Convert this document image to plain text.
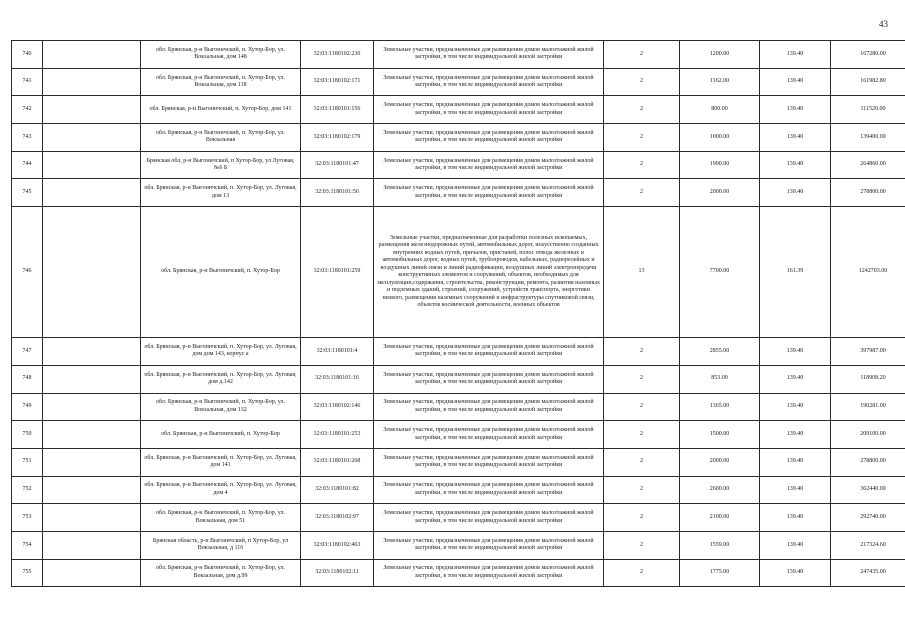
43
740		обл. Брянская, р-н Выгоничский, п. Хутор-Бор, ул. Вокзальная, дом 148	32:03:1180102:230	Земельные участки, предназначенные для размещения домов малоэтажной жилой застройки, в том числе индивидуальной жилой застройки	2	1200.00	139.40	167280.00
741		обл. Брянская, р-н Выгоничский, п. Хутор-Бор, ул. Вокзальная, дом 118	32:03:1180102:171	Земельные участки, предназначенные для размещения домов малоэтажной жилой застройки, в том числе индивидуальной жилой застройки	2	1162.00	139.40	161982.80
742		обл. Брянская, р-н Выгоничский, п. Хутор-Бор, дом 141	32:03:1180101:156	Земельные участки, предназначенные для размещения домов малоэтажной жилой застройки, в том числе индивидуальной жилой застройки	2	800.00	139.40	111520.00
743		обл. Брянская, р-н Выгоничский, п. Хутор-Бор, ул. Вокзальная	32:03:1180102:179	Земельные участки, предназначенные для размещения домов малоэтажной жилой застройки, в том числе индивидуальной жилой застройки	2	1000.00	139.40	139400.00
744		Брянская обл, р-н Выгоничский, п Хутор-Бор, ул Луговая, №6 Б	32:03:1180101:47	Земельные участки, предназначенные для размещения домов малоэтажной жилой застройки, в том числе индивидуальной жилой застройки	2	1900.00	139.40	264860.00
745		обл. Брянская, р-н Выгоничский, п. Хутор-Бор, ул. Луговая, дом 13	32:03:1180101:56	Земельные участки, предназначенные для размещения домов малоэтажной жилой застройки, в том числе индивидуальной жилой застройки	2	2000.00	139.40	278800.00
746		обл. Брянская, р-н Выгоничский, п. Хутор-Бор	32:03:1180101:259	Земельные участки, предназначенные для разработки полезных ископаемых, размещения железнодорожных путей, автомобильных дорог, искусственно созданных внутренних водных путей, причалов, пристаней, полос отвода железных и автомобильных дорог, водных путей, трубопроводов, кабельных, радиорелейных и воздушных линий связи и линий радиофикации, воздушных линий электропередачи конструктивных элементов и сооружений, объектов, необходимых для эксплуатации,содержания, строительства, реконструкции, ремонта, развития наземных и подземных зданий, строений, сооружений, устройств транспорта, энергетики низкого, размещения наземных сооружений и инфраструктуры спутниковой связи, объектов космической деятельности, военных объектов	13	7700.00	161.39	1242703.00
747		обл. Брянская, р-н Выгоничский, п. Хутор-Бор, ул. Луговая, дом дом 143, корпус а	32:03:1180101:4	Земельные участки, предназначенные для размещения домов малоэтажной жилой застройки, в том числе индивидуальной жилой застройки	2	2855.00	139.40	397987.00
748		обл. Брянская, р-н Выгоничский, п. Хутор-Бор, ул. Луговая, дом д.142	32:03:1180101:16	Земельные участки, предназначенные для размещения домов малоэтажной жилой застройки, в том числе индивидуальной жилой застройки	2	853.00	139.40	118908.20
749		обл. Брянская, р-н Выгоничский, п. Хутор-Бор, ул. Вокзальная, дом 132	32:03:1180102:146	Земельные участки, предназначенные для размещения домов малоэтажной жилой застройки, в том числе индивидуальной жилой застройки	2	1365.00	139.40	190281.00
750		обл. Брянская, р-н Выгоничский, п. Хутор-Бор	32:03:1180101:253	Земельные участки, предназначенные для размещения домов малоэтажной жилой застройки, в том числе индивидуальной жилой застройки	2	1500.00	139.40	209100.00
751		обл. Брянская, р-н Выгоничский, п. Хутор-Бор, ул. Луговая, дом 141	32:03:1180101:268	Земельные участки, предназначенные для размещения домов малоэтажной жилой застройки, в том числе индивидуальной жилой застройки	2	2000.00	139.40	278800.00
752		обл. Брянская, р-н Выгоничский, п. Хутор-Бор, ул. Луговая, дом 4	32:03:1180101:82	Земельные участки, предназначенные для размещения домов малоэтажной жилой застройки, в том числе индивидуальной жилой застройки	2	2600.00	139.40	362440.00
753		обл. Брянская, р-н Выгоничский, п. Хутор-Бор, ул. Вокзальная, дом 51	32:03:1180102:97	Земельные участки, предназначенные для размещения домов малоэтажной жилой застройки, в том числе индивидуальной жилой застройки	2	2100.00	139.40	292740.00
754		Брянская область, р-н Выгоничский, п Хутор-Бор, ул Вокзальная, д 116	32:03:1180102:463	Земельные участки, предназначенные для размещения домов малоэтажной жилой застройки, в том числе индивидуальной жилой застройки	2	1559.00	139.40	217324.60
755		обл. Брянская, р-н Выгоничский, п. Хутор-Бор, ул. Вокзальная, дом д.99	32:03:1180102:11	Земельные участки, предназначенные для размещения домов малоэтажной жилой застройки, в том числе индивидуальной жилой застройки	2	1775.00	139.40	247435.00
